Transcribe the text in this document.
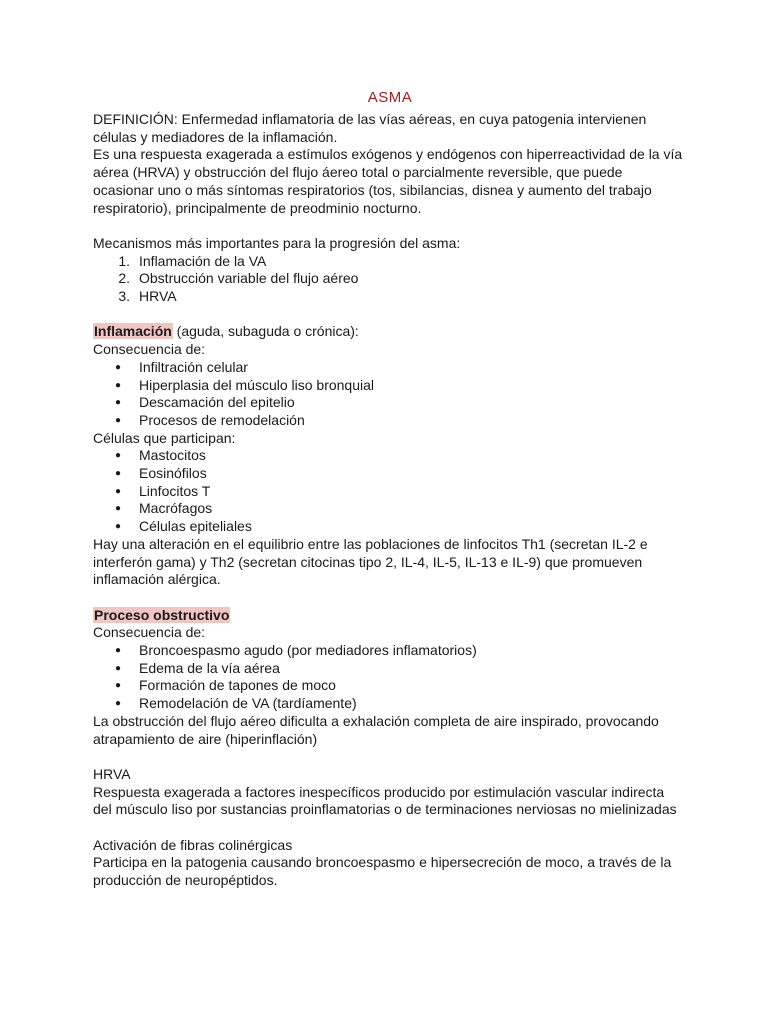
ASMA

DEFINICIÓN: Enfermedad inflamatoria de las vías aéreas, en cuya patogenia intervienen células y mediadores de la inflamación.

Es una respuesta exagerada a estímulos exógenos y endógenos con hiperreactividad de la vía aérea (HRVA) y obstrucción del flujo áereo total o parcialmente reversible, que puede ocasionar uno o más síntomas respiratorios (tos, sibilancias, disnea y aumento del trabajo respiratorio), principalmente de preodminio nocturno.

Mecanismos más importantes para la progresión del asma:

1. Inflamación de la VA
2. Obstrucción variable del flujo aéreo
3. HRVA

Inflamación (aguda, subaguda o crónica):

Consecuencia de:

● Infiltración celular
● Hiperplasia del músculo liso bronquial
● Descamación del epitelio
● Procesos de remodelación

Células que participan:

● Mastocitos
● Eosinófilos
● Linfocitos T
● Macrófagos
● Células epiteliales

Hay una alteración en el equilibrio entre las poblaciones de linfocitos Th1 (secretan IL-2 e interferón gama) y Th2 (secretan citocinas tipo 2, IL-4, IL-5, IL-13 e IL-9) que promueven inflamación alérgica.

Proceso obstructivo

Consecuencia de:

● Broncoespasmo agudo (por mediadores inflamatorios)
● Edema de la vía aérea
● Formación de tapones de moco
● Remodelación de VA (tardíamente)

La obstrucción del flujo aéreo dificulta a exhalación completa de aire inspirado, provocando atrapamiento de aire (hiperinflación)

HRVA

Respuesta exagerada a factores inespecíficos producido por estimulación vascular indirecta del músculo liso por sustancias proinflamatorias o de terminaciones nerviosas no mielinizadas

Activación de fibras colinérgicas

Participa en la patogenia causando broncoespasmo e hipersecreción de moco, a través de la producción de neuropéptidos.
